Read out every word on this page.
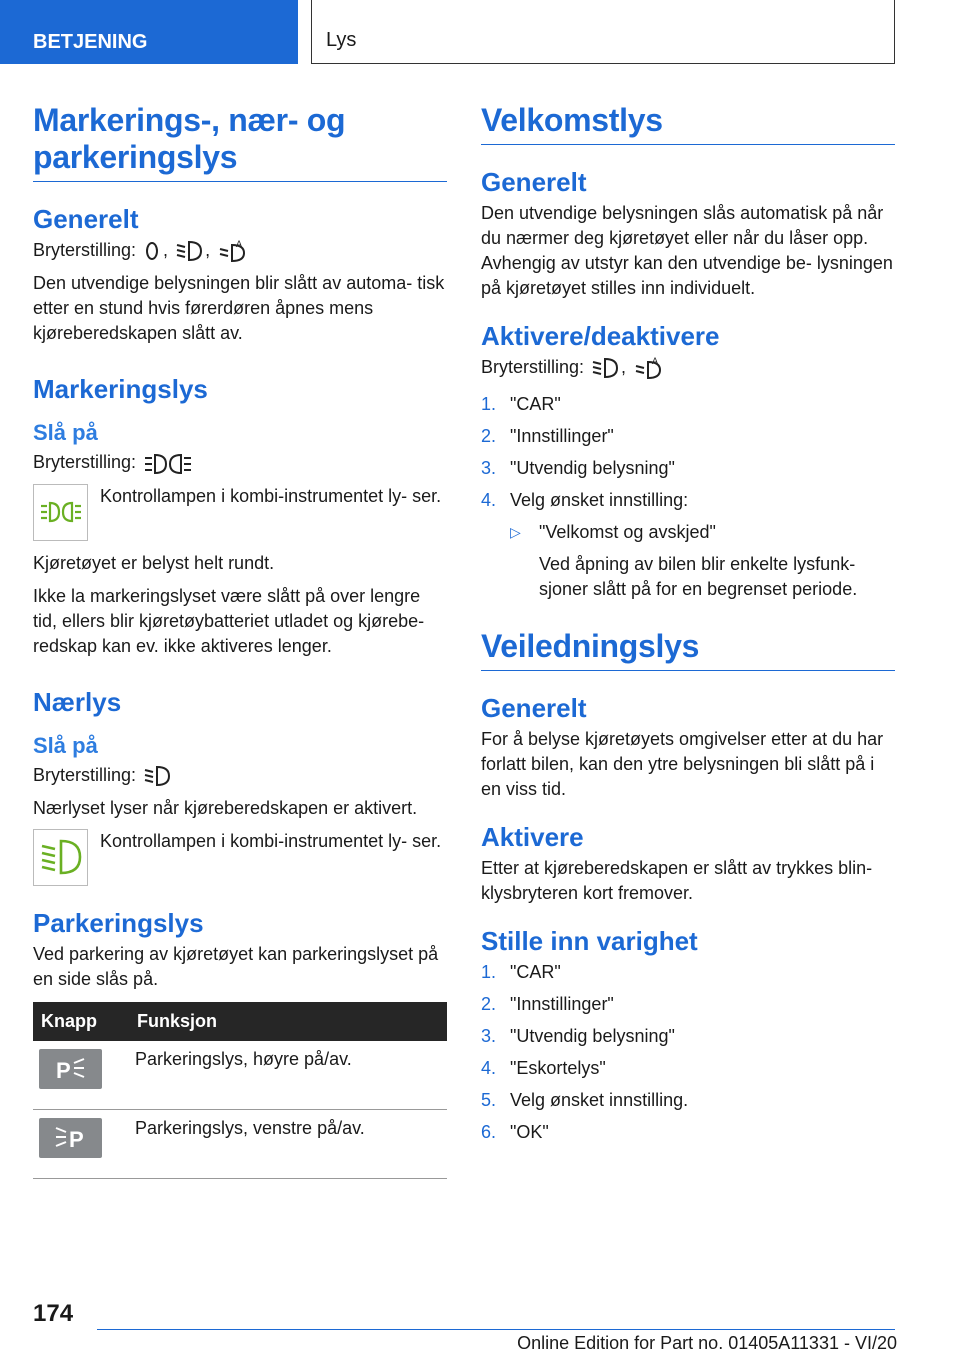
BETJENING	Lys
Markerings-, nær- og parkeringslys
Generelt

Bryterstilling: , , A

Den utvendige belysningen blir slått av automa- tisk etter en stund hvis førerdøren åpnes mens kjøreberedskapen slått av.

Markeringslys
Slå på

Bryterstilling:

Kontrollampen i kombi-instrumentet ly- ser.

Kjøretøyet er belyst helt rundt.

Ikke la markeringslyset være slått på over lengre tid, ellers blir kjøretøybatteriet utladet og kjørebe- redskap kan ev. ikke aktiveres lenger.

Nærlys
Slå på

Bryterstilling:

Nærlyset lyser når kjøreberedskapen er aktivert.

Kontrollampen i kombi-instrumentet ly- ser.
Parkeringslys

Ved parkering av kjøretøyet kan parkeringslyset på en side slås på.

Knapp	Funksjon

P	Parkeringslys, høyre på/av.

P	Parkeringslys, venstre på/av.
Velkomstlys
Generelt

Den utvendige belysningen slås automatisk på når du nærmer deg kjøretøyet eller når du låser opp. Avhengig av utstyr kan den utvendige be- lysningen på kjøretøyet stilles inn individuelt.

Aktivere/deaktivere

Bryterstilling: , A

1. "CAR"
2. "Innstillinger"
3. "Utvendig belysning"
4. Velg ønsket innstilling:
▷	"Velkomst og avskjed"
Ved åpning av bilen blir enkelte lysfunk- sjoner slått på for en begrenset periode.
Veiledningslys
Generelt

For å belyse kjøretøyets omgivelser etter at du har forlatt bilen, kan den ytre belysningen bli slått på i en viss tid.

Aktivere

Etter at kjøreberedskapen er slått av trykkes blin- klysbryteren kort fremover.

Stille inn varighet
1. "CAR"
2. "Innstillinger"
3. "Utvendig belysning"
4. "Eskortelys"
5. Velg ønsket innstilling.
6. "OK"
174
Online Edition for Part no. 01405A11331 - VI/20
